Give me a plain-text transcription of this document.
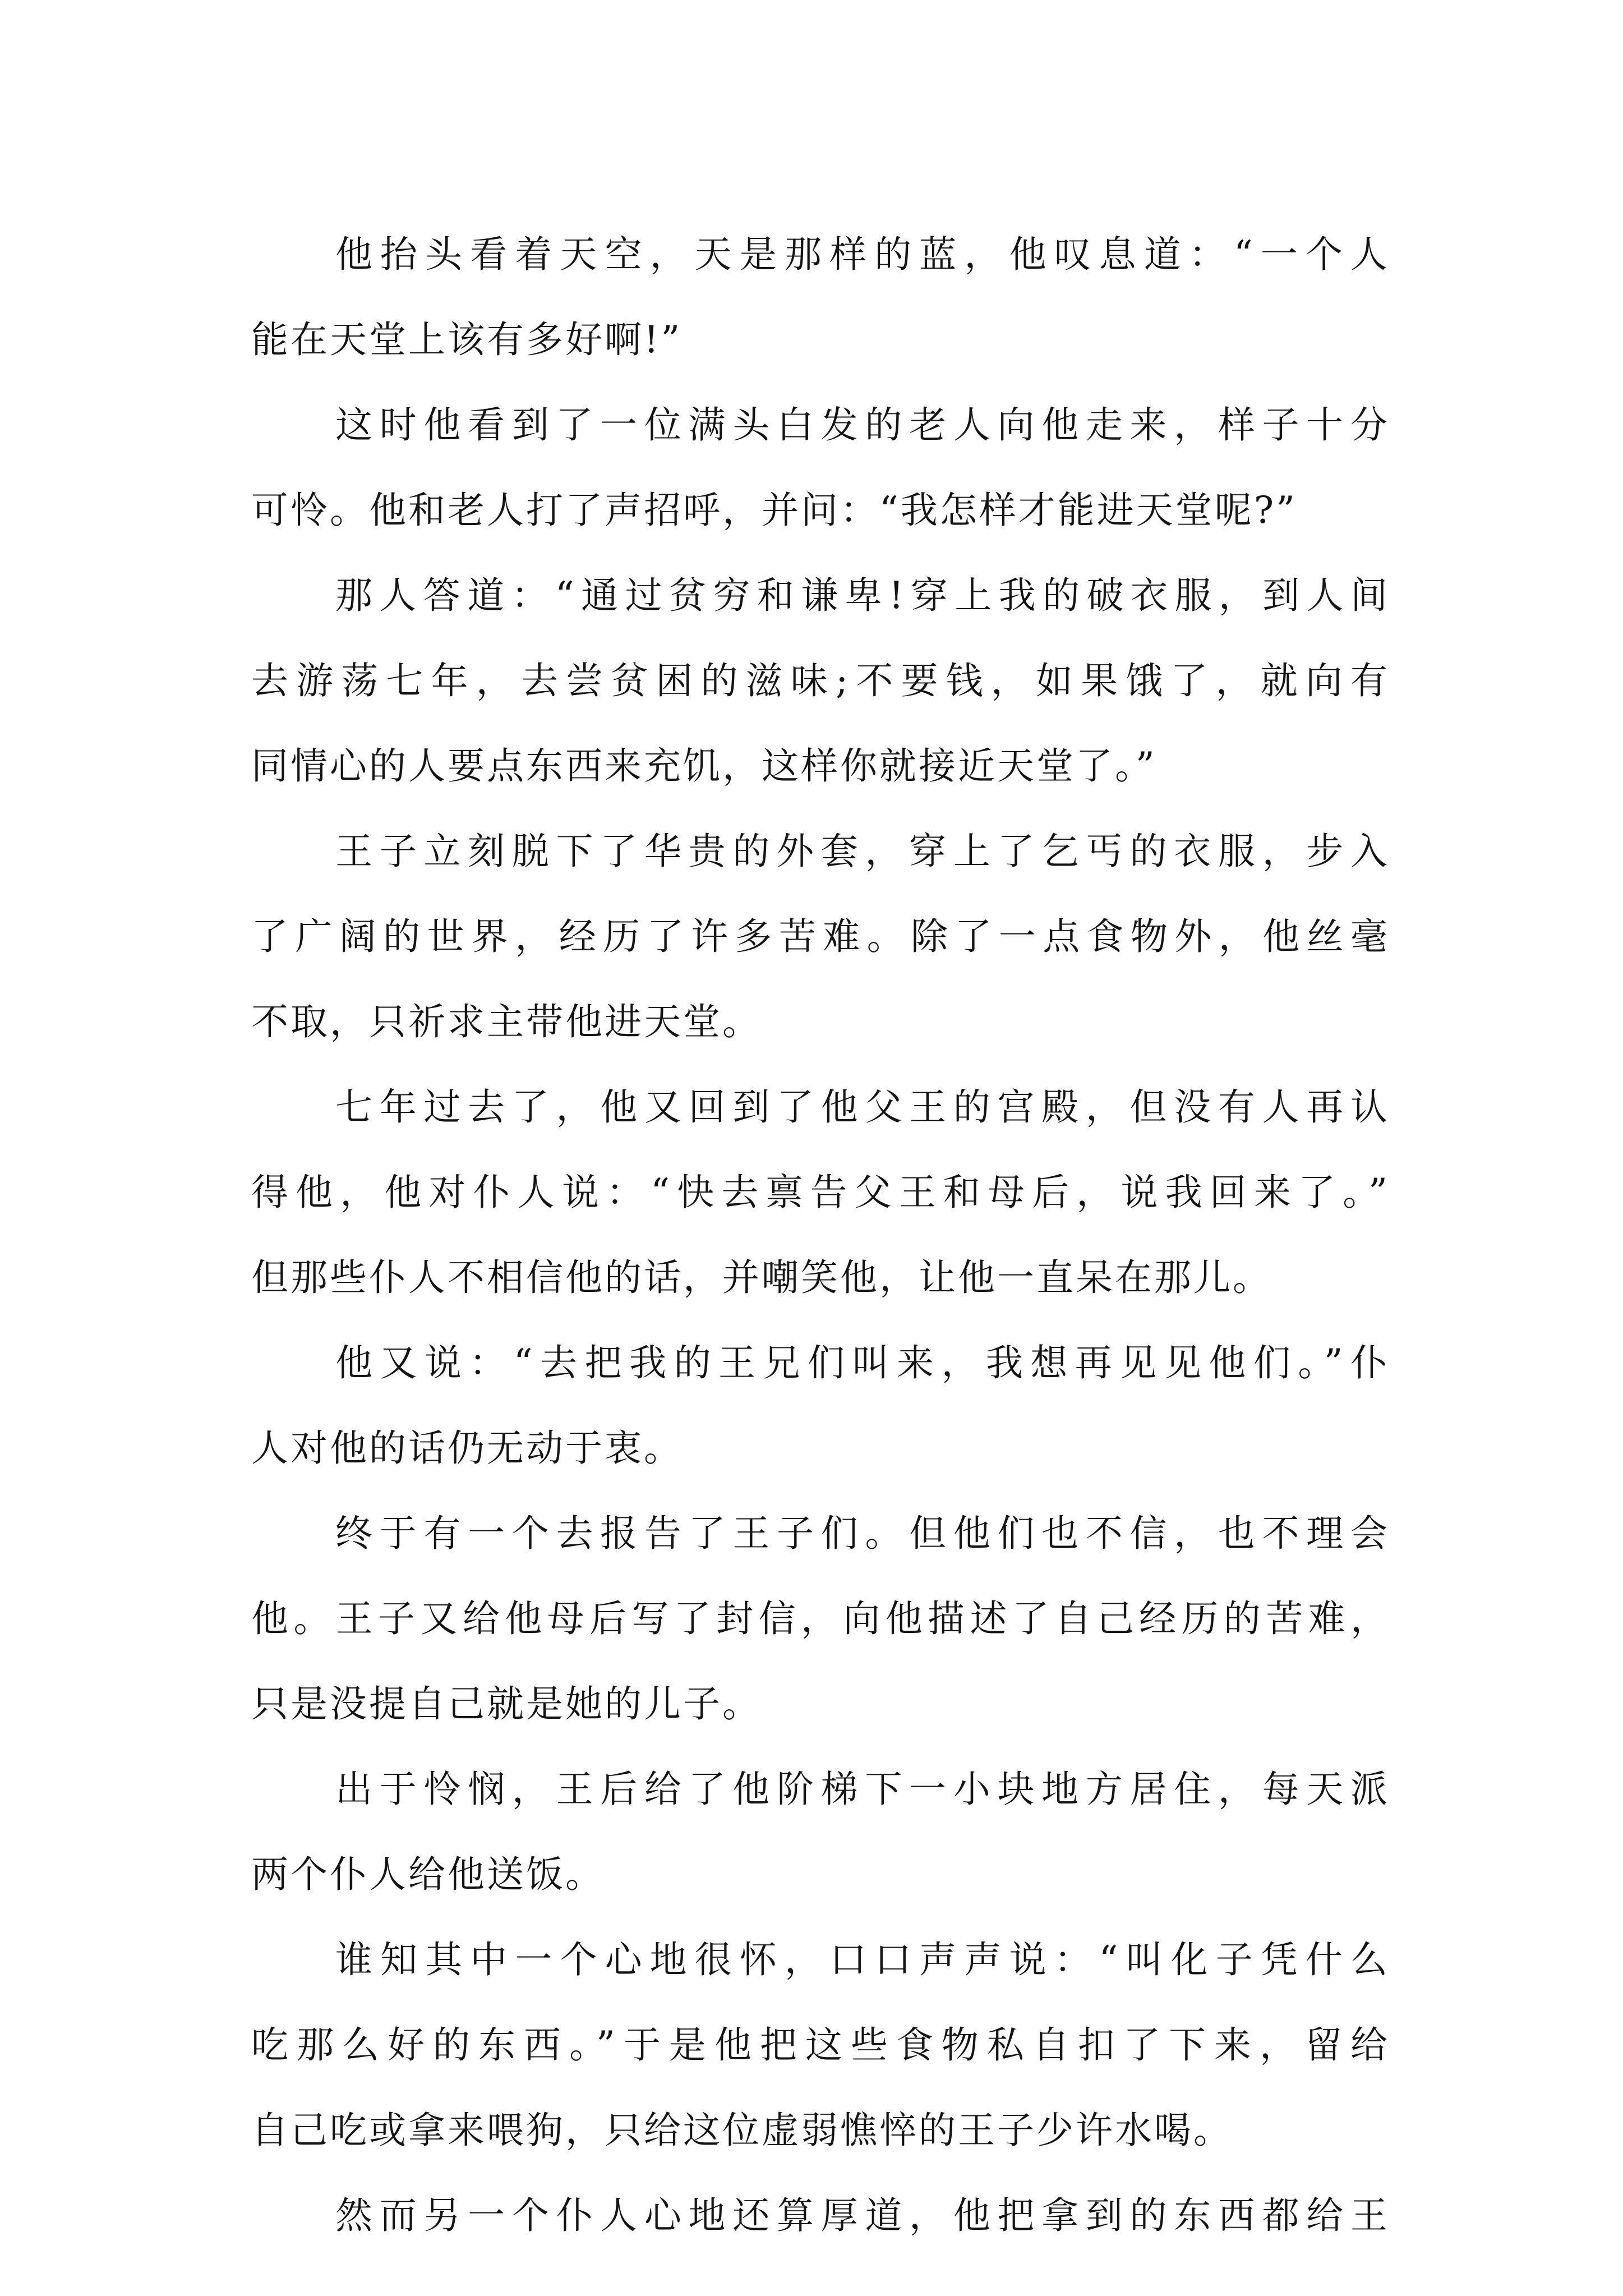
他抬头看着天空，天是那样的蓝，他叹息道：“一个人
能在天堂上该有多好啊!”
这时他看到了一位满头白发的老人向他走来，样子十分
可怜。他和老人打了声招呼，并问：“我怎样才能进天堂呢?”
那人答道：“通过贫穷和谦卑!穿上我的破衣服，到人间
去游荡七年，去尝贫困的滋味;不要钱，如果饿了，就向有
同情心的人要点东西来充饥，这样你就接近天堂了。”
王子立刻脱下了华贵的外套，穿上了乞丐的衣服，步入
了广阔的世界，经历了许多苦难。除了一点食物外，他丝毫
不取，只祈求主带他进天堂。
七年过去了，他又回到了他父王的宫殿，但没有人再认
得他，他对仆人说：“快去禀告父王和母后，说我回来了。”
但那些仆人不相信他的话，并嘲笑他，让他一直呆在那儿。
他又说：“去把我的王兄们叫来，我想再见见他们。”仆
人对他的话仍无动于衷。
终于有一个去报告了王子们。但他们也不信，也不理会
他。王子又给他母后写了封信，向他描述了自己经历的苦难，
只是没提自己就是她的儿子。
出于怜悯，王后给了他阶梯下一小块地方居住，每天派
两个仆人给他送饭。
谁知其中一个心地很怀，口口声声说：“叫化子凭什么
吃那么好的东西。”于是他把这些食物私自扣了下来，留给
自己吃或拿来喂狗，只给这位虚弱憔悴的王子少许水喝。
然而另一个仆人心地还算厚道，他把拿到的东西都给王
